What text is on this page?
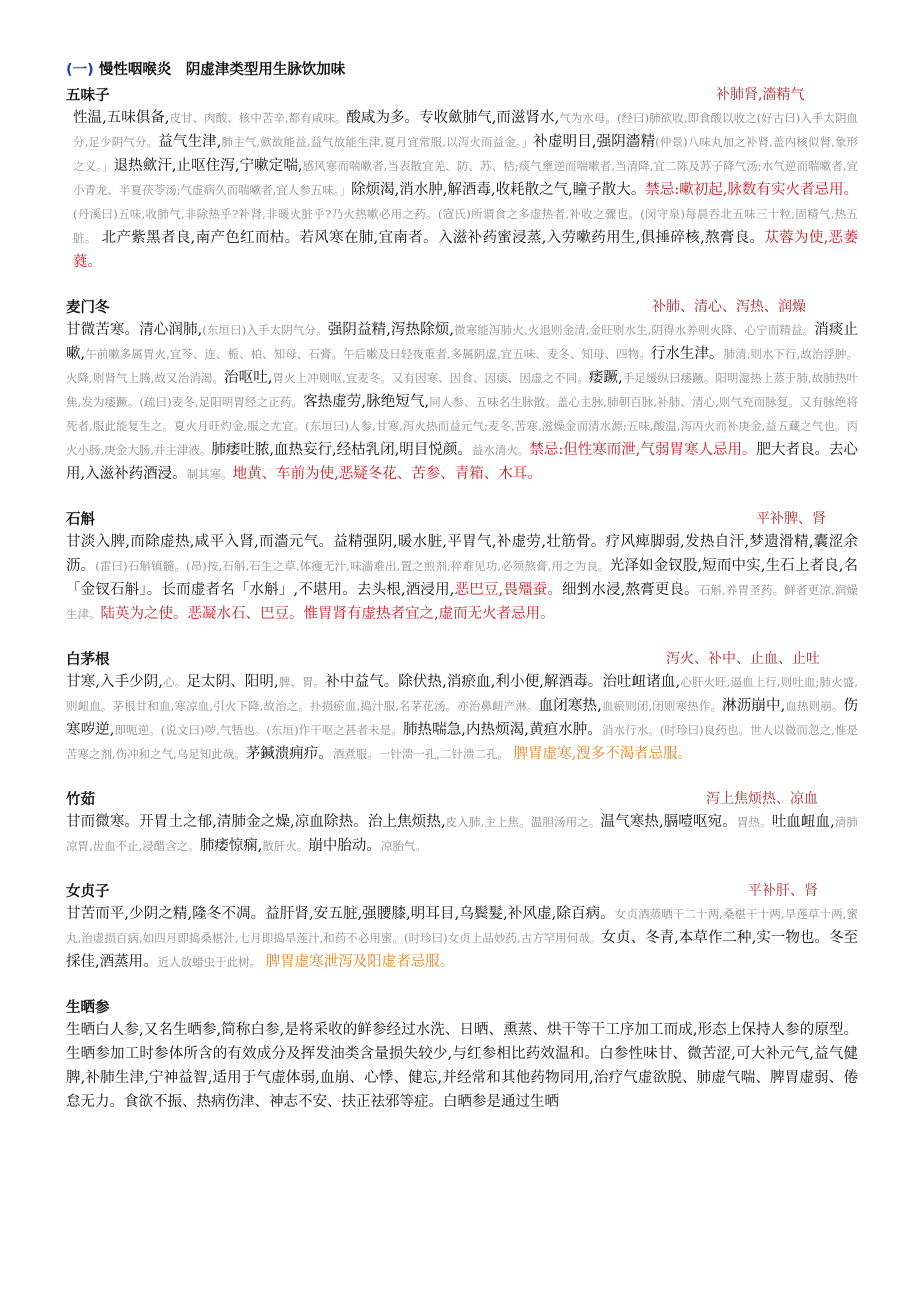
(一) 慢性咽喉炎　阴虚津类型用生脉饮加味
五味子	补肺肾,濇精气

性温,五味俱备,皮甘、肉酸、核中苦辛,都有咸味。酸咸为多。专收歛肺气,而滋肾水,气为水母。(经曰)肺欲收,即食酸以收之(好古曰)入手太阴血分,足少阴气分。益气生津,肺主气,歛故能益,益气故能生津,夏月宜常服,以泻火而益金。」补虚明目,强阴濇精(仲景)八味丸加之补肾,盖内核似肾,象形之义。」退热歛汗,止呕住泻,宁嗽定喘,感风寒而喘嗽者,当表散宜羌、防、苏、桔;痰气壅逆而喘嗽者,当清降,宜二陈及苏子降气汤;水气逆而喘嗽者,宜小青龙、半夏茯苓汤;气虚病久而喘嗽者,宜人参五味。」除烦渴,消水肿,解酒毒,收耗散之气,瞳子散大。禁忌:嗽初起,脉数有实火者忌用。(丹溪曰)五味,收肺气,非除热乎?补肾,非暖火脏乎?乃火热嗽必用之药。(寇氏)所谓食之多虚热者,补收之骤也。(闵守泉)每晨吞北五味三十粒,固精气,热五脏。 北产紫黑者良,南产色红而枯。若风寒在肺,宜南者。入滋补药蜜浸蒸,入劳嗽药用生,俱捶碎核,熬膏良。苁蓉为使,恶萎 蕤。

麦门冬	补肺、清心、泻热、润燥

甘微苦寒。清心润肺,(东垣曰)入手太阴气分。强阴益精,泻热除烦,微寒能泻肺火,火退则金清,金旺则水生,阴得水养则火降、心宁而精益。消痰止嗽,午前嗽多属胃火,宜芩、连、栀、柏、知母、石膏。午后嗽及日轻夜重者,多属阴虚,宜五味、麦冬、知母、四物。行水生津。肺清,则水下行,故治浮肿。火降,则肾气上腾,故又治消渴。治呕吐,胃火上冲则呕,宜麦冬。又有因寒、因食、因痰、因虚之不同。痿蹶,手足缓纵曰痿蹶。阳明湿热上蒸于肺,故肺热叶焦,发为痿蹶。(疏曰)麦冬,足阳明胃经之正药。客热虚劳,脉绝短气,同人参、五味名生脉散。盖心主脉,肺朝百脉,补肺、清心,则气充而脉复。又有脉绝将死者,服此能复生之。夏火月旺灼金,服之尤宜。(东垣曰)人参,甘寒,泻火热而益元气;麦冬,苦寒,滋燥金而清水源;五味,酸温,泻丙火而补庚金,益五藏之气也。丙火小肠,庚金大肠,并主津液。肺痿吐脓,血热妄行,经枯乳闭,明目悦颜。益水清火。禁忌:但性寒而泄,气弱胃寒人忌用。肥大者良。去心用,入滋补药酒浸。制其寒。地黄、车前为使,恶疑冬花、苦参、青箱、木耳。

石斛	平补脾、肾

甘淡入脾,而除虚热,咸平入肾,而濇元气。益精强阴,暖水脏,平胃气,补虚劳,壮筋骨。疗风痺脚弱,发热自汗,梦遗滑精,囊涩余沥。(雷曰)石斛镇髓。(昂)按,石斛,石生之草,体瘦无汁,味濇难出,置之煎剂,猝难见功,必须熬膏,用之为良。光泽如金钗股,短而中实,生石上者良,名「金钗石斛」。长而虚者名「水斛」,不堪用。去头根,酒浸用,恶巴豆,畏殭蚕。细剉水浸,熬膏更良。石斛,养胃圣药。鲜者更凉,润燥生津。陆英为之使。恶凝水石、巴豆。惟胃肾有虚热者宜之,虚而无火者忌用。

白茅根	泻火、补中、止血、止吐

甘寒,入手少阴,心。足太阴、阳明,脾、胃。补中益气。除伏热,消瘀血,利小便,解酒毒。治吐衄诸血,心肝火旺,逼血上行,则吐血;肺火盛,则衄血。茅根甘和血,寒凉血,引火下降,故治之。扑损瘀血,捣汁服,名茅花汤。亦治鼻衄产淋。血闭寒热,血瘀则闭,闭则寒热作。淋沥崩中,血热则崩。伤寒哕逆,即呃逆。(说文曰)哕,气牾也。(东垣)作干呕之甚者未是。肺热喘急,内热烦渴,黄疸水肿。消水行水。(时珍曰)良药也。世人以微而忽之,惟是苦寒之剂,伤冲和之气,乌足知此哉。茅鍼溃痈疖。酒煮服。一针溃一孔,二针溃二孔。 脾胃虚寒,溲多不渴者忌服。

竹茹	泻上焦烦热、凉血

甘而微寒。开胃土之郁,清肺金之燥,凉血除热。治上焦烦热,皮入肺,主上焦。温胆汤用之。温气寒热,膈噎呕宛。胃热。吐血衄血,清肺凉胃,齿血不止,浸醋含之。肺痿惊痫,散肝火。崩中胎动。凉胎气。

女贞子	平补肝、肾

甘苦而平,少阴之精,隆冬不凋。益肝肾,安五脏,强腰膝,明耳目,乌鬓髮,补风虚,除百病。女贞酒蒸晒干二十两,桑椹干十两,旱莲草十两,蜜丸,治虚损百病,如四月即捣桑椹汁,七月即捣旱莲汁,和药不必用蜜。(时珍曰)女贞上品妙药,古方罕用何哉。女贞、冬青,本草作二种,实一物也。冬至採佳,酒蒸用。近人放蜡虫于此树。 脾胃虚寒泄泻及阳虚者忌服。

生晒参

生晒白人参,又名生晒参,简称白参,是将采收的鲜参经过水洗、日晒、熏蒸、烘干等干工序加工而成,形态上保持人参的原型。生晒参加工时参体所含的有效成分及挥发油类含量损失较少,与红参相比药效温和。白参性味甘、微苦涩,可大补元气,益气健脾,补肺生津,宁神益智,适用于气虚体弱,血崩、心悸、健忘,并经常和其他药物同用,治疗气虚欲脱、肺虚气喘、脾胃虚弱、倦怠无力。食欲不振、热病伤津、神志不安、扶正祛邪等症。白晒参是通过生晒
